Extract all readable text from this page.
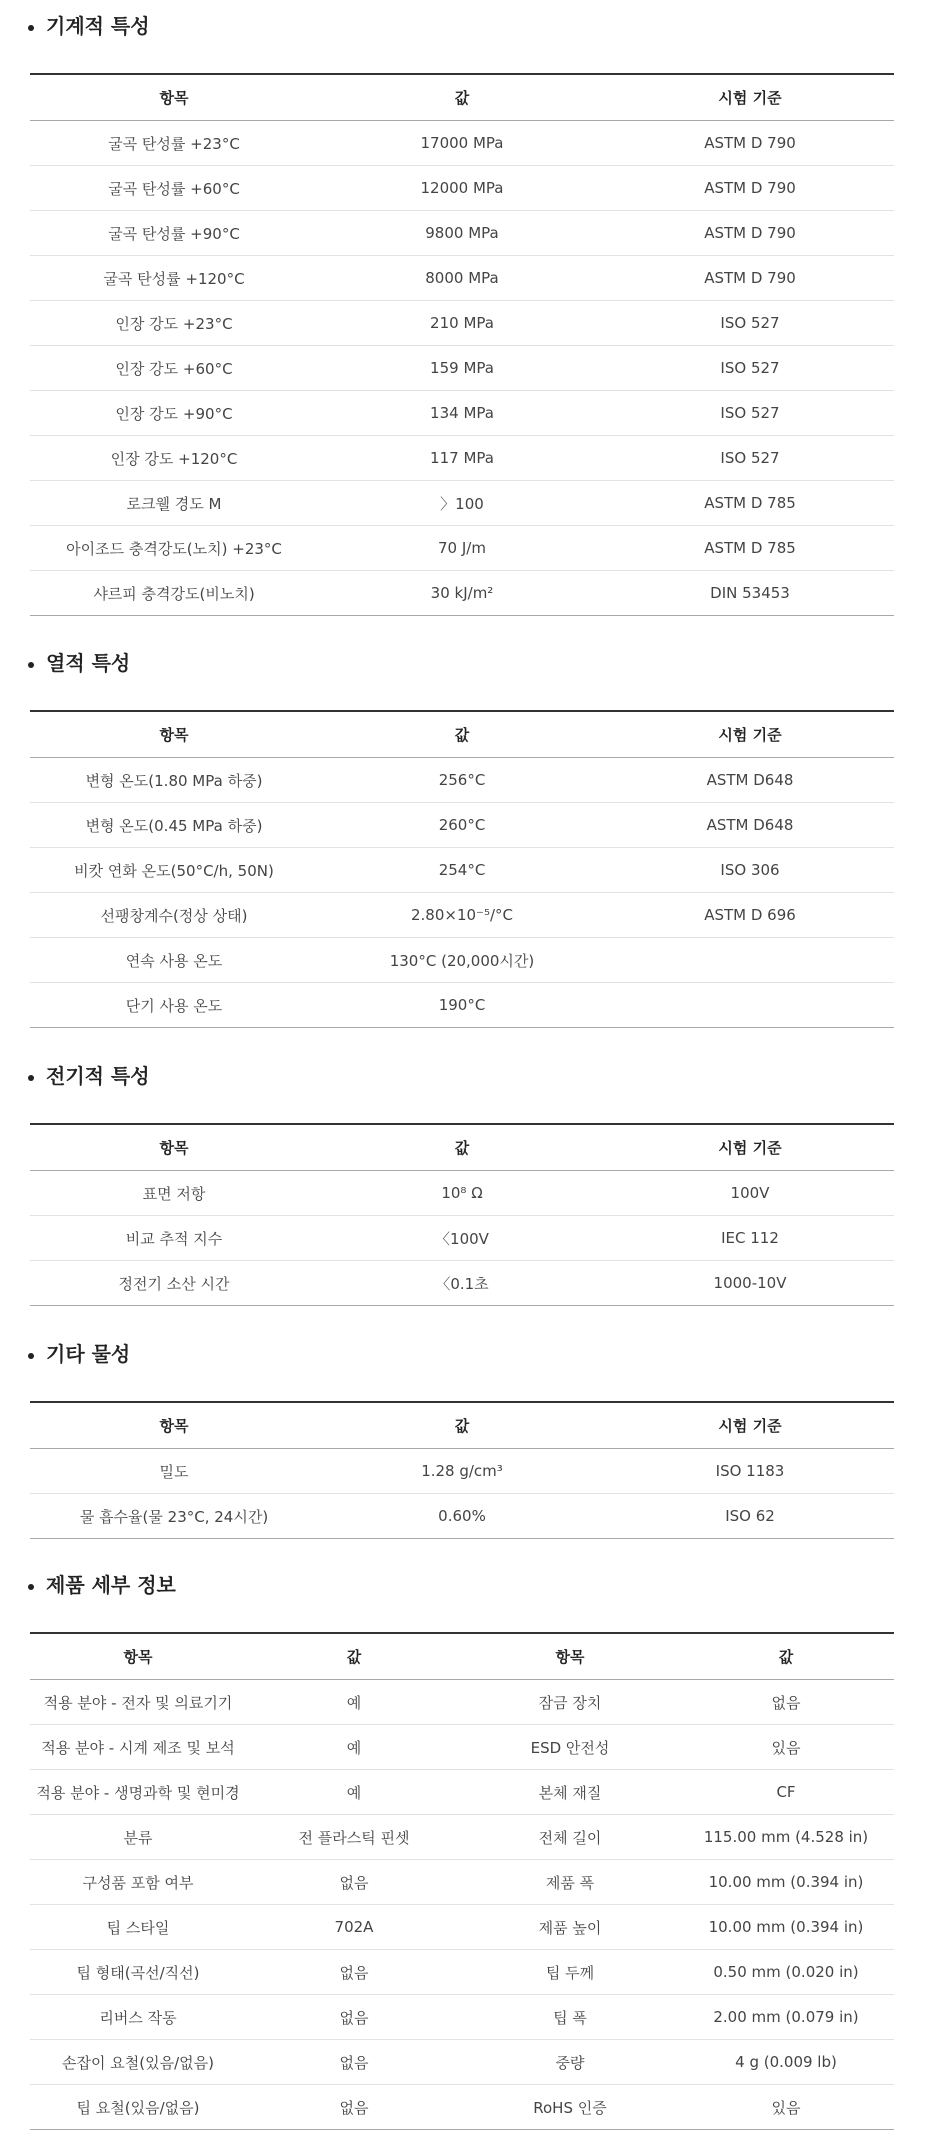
기계적 특성
항목	값	시험 기준
굴곡 탄성률 +23°C	17000 MPa	ASTM D 790
굴곡 탄성률 +60°C	12000 MPa	ASTM D 790
굴곡 탄성률 +90°C	9800 MPa	ASTM D 790
굴곡 탄성률 +120°C	8000 MPa	ASTM D 790
인장 강도 +23°C	210 MPa	ISO 527
인장 강도 +60°C	159 MPa	ISO 527
인장 강도 +90°C	134 MPa	ISO 527
인장 강도 +120°C	117 MPa	ISO 527
로크웰 경도 M	〉100	ASTM D 785
아이조드 충격강도(노치) +23°C	70 J/m	ASTM D 785
샤르피 충격강도(비노치)	30 kJ/m²	DIN 53453
열적 특성
항목	값	시험 기준
변형 온도(1.80 MPa 하중)	256°C	ASTM D648
변형 온도(0.45 MPa 하중)	260°C	ASTM D648
비캇 연화 온도(50°C/h, 50N)	254°C	ISO 306
선팽창계수(정상 상태)	2.80×10⁻⁵/°C	ASTM D 696
연속 사용 온도	130°C (20,000시간)	
단기 사용 온도	190°C	
전기적 특성
항목	값	시험 기준
표면 저항	10⁸ Ω	100V
비교 추적 지수	〈100V	IEC 112
정전기 소산 시간	〈0.1초	1000-10V
기타 물성
항목	값	시험 기준
밀도	1.28 g/cm³	ISO 1183
물 흡수율(물 23°C, 24시간)	0.60%	ISO 62
제품 세부 정보
항목	값	항목	값
적용 분야 - 전자 및 의료기기	예	잠금 장치	없음
적용 분야 - 시계 제조 및 보석	예	ESD 안전성	있음
적용 분야 - 생명과학 및 현미경	예	본체 재질	CF
분류	전 플라스틱 핀셋	전체 길이	115.00 mm (4.528 in)
구성품 포함 여부	없음	제품 폭	10.00 mm (0.394 in)
팁 스타일	702A	제품 높이	10.00 mm (0.394 in)
팁 형태(곡선/직선)	없음	팁 두께	0.50 mm (0.020 in)
리버스 작동	없음	팁 폭	2.00 mm (0.079 in)
손잡이 요철(있음/없음)	없음	중량	4 g (0.009 lb)
팁 요철(있음/없음)	없음	RoHS 인증	있음
